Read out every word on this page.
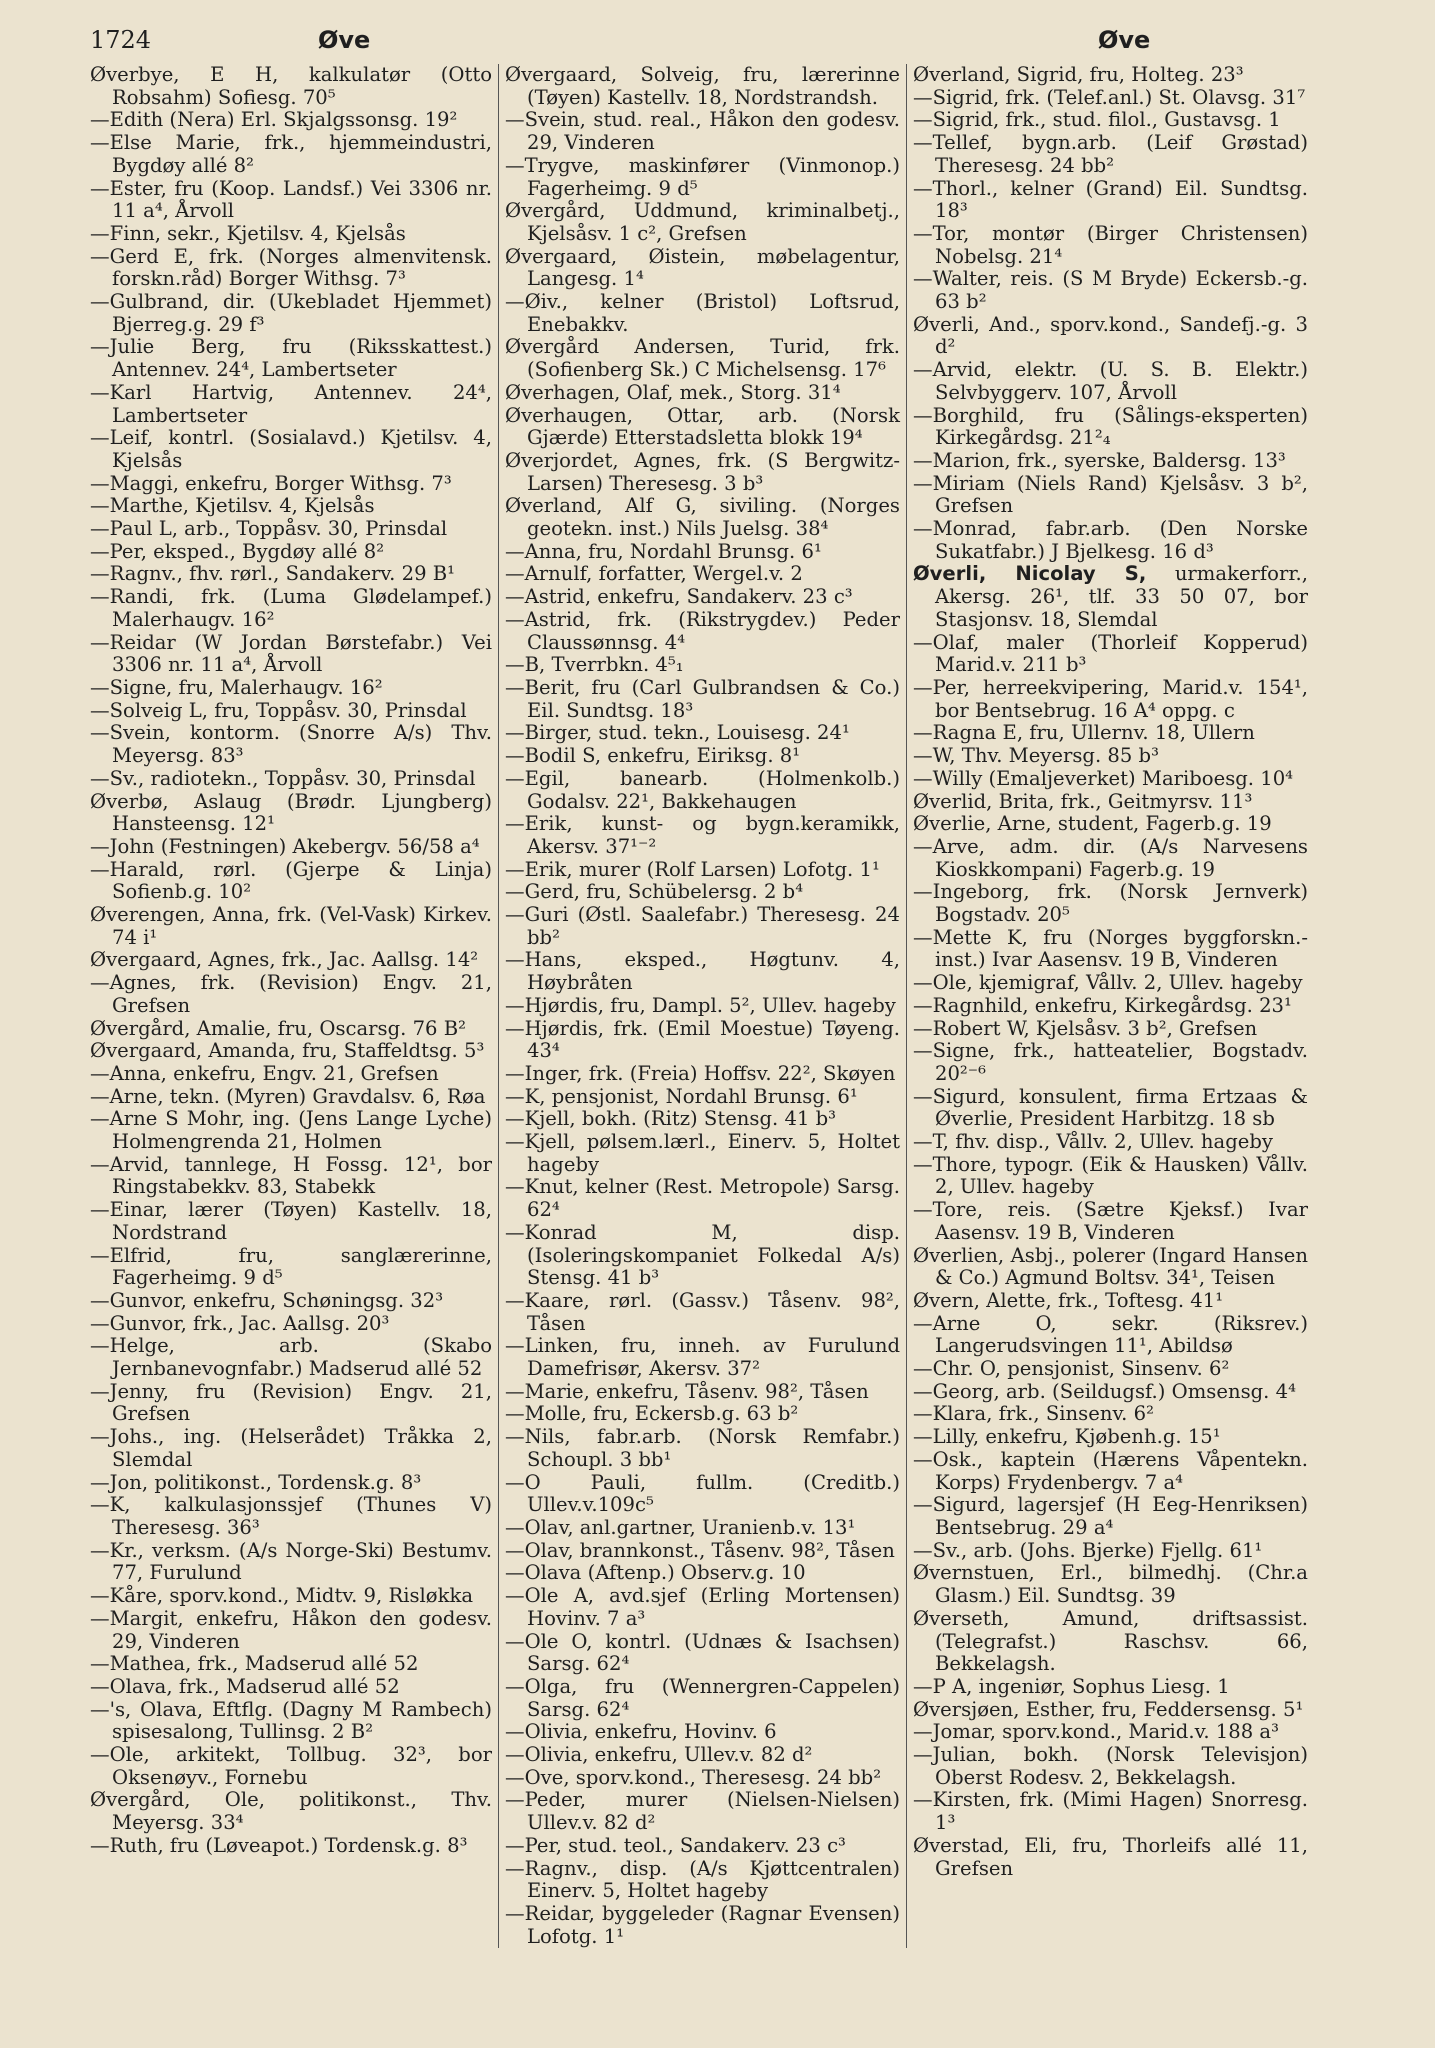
1724	Øve	Øve
Øverbye, E H, kalkulatør (Otto Robsahm) Sofiesg. 70⁵
—Edith (Nera) Erl. Skjalgssonsg. 19²
—Else Marie, frk., hjemmeindustri, Bygdøy allé 8²
—Ester, fru (Koop. Landsf.) Vei 3306 nr. 11 a⁴, Årvoll
—Finn, sekr., Kjetilsv. 4, Kjelsås
—Gerd E, frk. (Norges almenvitensk. forskn.råd) Borger Withsg. 7³
—Gulbrand, dir. (Ukebladet Hjemmet) Bjerreg.g. 29 f³
—Julie Berg, fru (Riksskattest.) Antennev. 24⁴, Lambertseter
—Karl Hartvig, Antennev. 24⁴, Lambertseter
—Leif, kontrl. (Sosialavd.) Kjetilsv. 4, Kjelsås
—Maggi, enkefru, Borger Withsg. 7³
—Marthe, Kjetilsv. 4, Kjelsås
—Paul L, arb., Toppåsv. 30, Prinsdal
—Per, eksped., Bygdøy allé 8²
—Ragnv., fhv. rørl., Sandakerv. 29 B¹
—Randi, frk. (Luma Glødelampef.) Malerhaugv. 16²
—Reidar (W Jordan Børstefabr.) Vei 3306 nr. 11 a⁴, Årvoll
—Signe, fru, Malerhaugv. 16²
—Solveig L, fru, Toppåsv. 30, Prinsdal
—Svein, kontorm. (Snorre A/s) Thv. Meyersg. 83³
—Sv., radiotekn., Toppåsv. 30, Prinsdal
Øverbø, Aslaug (Brødr. Ljungberg) Hansteensg. 12¹
—John (Festningen) Akebergv. 56/58 a⁴
—Harald, rørl. (Gjerpe & Linja) Sofienb.g. 10²
Øverengen, Anna, frk. (Vel-Vask) Kirkev. 74 i¹
Øvergaard, Agnes, frk., Jac. Aallsg. 14²
—Agnes, frk. (Revision) Engv. 21, Grefsen
Øvergård, Amalie, fru, Oscarsg. 76 B²
Øvergaard, Amanda, fru, Staffeldtsg. 5³
—Anna, enkefru, Engv. 21, Grefsen
—Arne, tekn. (Myren) Gravdalsv. 6, Røa
—Arne S Mohr, ing. (Jens Lange Lyche) Holmengrenda 21, Holmen
—Arvid, tannlege, H Fossg. 12¹, bor Ringstabekkv. 83, Stabekk
—Einar, lærer (Tøyen) Kastellv. 18, Nordstrand
—Elfrid, fru, sanglærerinne, Fagerheimg. 9 d⁵
—Gunvor, enkefru, Schøningsg. 32³
—Gunvor, frk., Jac. Aallsg. 20³
—Helge, arb. (Skabo Jernbanevognfabr.) Madserud allé 52
—Jenny, fru (Revision) Engv. 21, Grefsen
—Johs., ing. (Helserådet) Tråkka 2, Slemdal
—Jon, politikonst., Tordensk.g. 8³
—K, kalkulasjonssjef (Thunes V) Theresesg. 36³
—Kr., verksm. (A/s Norge-Ski) Bestumv. 77, Furulund
—Kåre, sporv.kond., Midtv. 9, Risløkka
—Margit, enkefru, Håkon den godesv. 29, Vinderen
—Mathea, frk., Madserud allé 52
—Olava, frk., Madserud allé 52
—'s, Olava, Eftflg. (Dagny M Rambech) spisesalong, Tullinsg. 2 B²
—Ole, arkitekt, Tollbug. 32³, bor Oksenøyv., Fornebu
Øvergård, Ole, politikonst., Thv. Meyersg. 33⁴
—Ruth, fru (Løveapot.) Tordensk.g. 8³
Øvergaard, Solveig, fru, lærerinne (Tøyen) Kastellv. 18, Nordstrandsh.
—Svein, stud. real., Håkon den godesv. 29, Vinderen
—Trygve, maskinfører (Vinmonop.) Fagerheimg. 9 d⁵
Øvergård, Uddmund, kriminalbetj., Kjelsåsv. 1 c², Grefsen
Øvergaard, Øistein, møbelagentur, Langesg. 1⁴
—Øiv., kelner (Bristol) Loftsrud, Enebakkv.
Øvergård Andersen, Turid, frk. (Sofienberg Sk.) C Michelsensg. 17⁶
Øverhagen, Olaf, mek., Storg. 31⁴
Øverhaugen, Ottar, arb. (Norsk Gjærde) Etterstadsletta blokk 19⁴
Øverjordet, Agnes, frk. (S Bergwitz-Larsen) Theresesg. 3 b³
Øverland, Alf G, siviling. (Norges geotekn. inst.) Nils Juelsg. 38⁴
—Anna, fru, Nordahl Brunsg. 6¹
—Arnulf, forfatter, Wergel.v. 2
—Astrid, enkefru, Sandakerv. 23 c³
—Astrid, frk. (Rikstrygdev.) Peder Claussønnsg. 4⁴
—B, Tverrbkn. 4⁵₁
—Berit, fru (Carl Gulbrandsen & Co.) Eil. Sundtsg. 18³
—Birger, stud. tekn., Louisesg. 24¹
—Bodil S, enkefru, Eiriksg. 8¹
—Egil, banearb. (Holmenkolb.) Godalsv. 22¹, Bakkehaugen
—Erik, kunst- og bygn.keramikk, Akersv. 37¹⁻²
—Erik, murer (Rolf Larsen) Lofotg. 1¹
—Gerd, fru, Schübelersg. 2 b⁴
—Guri (Østl. Saalefabr.) Theresesg. 24 bb²
—Hans, eksped., Høgtunv. 4, Høybråten
—Hjørdis, fru, Dampl. 5², Ullev. hageby
—Hjørdis, frk. (Emil Moestue) Tøyeng. 43⁴
—Inger, frk. (Freia) Hoffsv. 22², Skøyen
—K, pensjonist, Nordahl Brunsg. 6¹
—Kjell, bokh. (Ritz) Stensg. 41 b³
—Kjell, pølsem.lærl., Einerv. 5, Holtet hageby
—Knut, kelner (Rest. Metropole) Sarsg. 62⁴
—Konrad M, disp. (Isoleringskompaniet Folkedal A/s) Stensg. 41 b³
—Kaare, rørl. (Gassv.) Tåsenv. 98², Tåsen
—Linken, fru, inneh. av Furulund Damefrisør, Akersv. 37²
—Marie, enkefru, Tåsenv. 98², Tåsen
—Molle, fru, Eckersb.g. 63 b²
—Nils, fabr.arb. (Norsk Remfabr.) Schoupl. 3 bb¹
—O Pauli, fullm. (Creditb.) Ullev.v.109c⁵
—Olav, anl.gartner, Uranienb.v. 13¹
—Olav, brannkonst., Tåsenv. 98², Tåsen
—Olava (Aftenp.) Observ.g. 10
—Ole A, avd.sjef (Erling Mortensen) Hovinv. 7 a³
—Ole O, kontrl. (Udnæs & Isachsen) Sarsg. 62⁴
—Olga, fru (Wennergren-Cappelen) Sarsg. 62⁴
—Olivia, enkefru, Hovinv. 6
—Olivia, enkefru, Ullev.v. 82 d²
—Ove, sporv.kond., Theresesg. 24 bb²
—Peder, murer (Nielsen-Nielsen) Ullev.v. 82 d²
—Per, stud. teol., Sandakerv. 23 c³
—Ragnv., disp. (A/s Kjøttcentralen) Einerv. 5, Holtet hageby
—Reidar, byggeleder (Ragnar Evensen) Lofotg. 1¹
Øverland, Sigrid, fru, Holteg. 23³
—Sigrid, frk. (Telef.anl.) St. Olavsg. 31⁷
—Sigrid, frk., stud. filol., Gustavsg. 1
—Tellef, bygn.arb. (Leif Grøstad) Theresesg. 24 bb²
—Thorl., kelner (Grand) Eil. Sundtsg. 18³
—Tor, montør (Birger Christensen) Nobelsg. 21⁴
—Walter, reis. (S M Bryde) Eckersb.-g. 63 b²
Øverli, And., sporv.kond., Sandefj.-g. 3 d²
—Arvid, elektr. (U. S. B. Elektr.) Selvbyggerv. 107, Årvoll
—Borghild, fru (Sålings-eksperten) Kirkegårdsg. 21²₄
—Marion, frk., syerske, Baldersg. 13³
—Miriam (Niels Rand) Kjelsåsv. 3 b², Grefsen
—Monrad, fabr.arb. (Den Norske Sukatfabr.) J Bjelkesg. 16 d³
Øverli, Nicolay S, urmakerforr., Akersg. 26¹, tlf. 33 50 07, bor Stasjonsv. 18, Slemdal
—Olaf, maler (Thorleif Kopperud) Marid.v. 211 b³
—Per, herreekvipering, Marid.v. 154¹, bor Bentsebrug. 16 A⁴ oppg. c
—Ragna E, fru, Ullernv. 18, Ullern
—W, Thv. Meyersg. 85 b³
—Willy (Emaljeverket) Mariboesg. 10⁴
Øverlid, Brita, frk., Geitmyrsv. 11³
Øverlie, Arne, student, Fagerb.g. 19
—Arve, adm. dir. (A/s Narvesens Kioskkompani) Fagerb.g. 19
—Ingeborg, frk. (Norsk Jernverk) Bogstadv. 20⁵
—Mette K, fru (Norges byggforskn.-inst.) Ivar Aasensv. 19 B, Vinderen
—Ole, kjemigraf, Vållv. 2, Ullev. hageby
—Ragnhild, enkefru, Kirkegårdsg. 23¹
—Robert W, Kjelsåsv. 3 b², Grefsen
—Signe, frk., hatteatelier, Bogstadv. 20²⁻⁶
—Sigurd, konsulent, firma Ertzaas & Øverlie, President Harbitzg. 18 sb
—T, fhv. disp., Vållv. 2, Ullev. hageby
—Thore, typogr. (Eik & Hausken) Vållv. 2, Ullev. hageby
—Tore, reis. (Sætre Kjeksf.) Ivar Aasensv. 19 B, Vinderen
Øverlien, Asbj., polerer (Ingard Hansen & Co.) Agmund Boltsv. 34¹, Teisen
Øvern, Alette, frk., Toftesg. 41¹
—Arne O, sekr. (Riksrev.) Langerudsvingen 11¹, Abildsø
—Chr. O, pensjonist, Sinsenv. 6²
—Georg, arb. (Seildugsf.) Omsensg. 4⁴
—Klara, frk., Sinsenv. 6²
—Lilly, enkefru, Kjøbenh.g. 15¹
—Osk., kaptein (Hærens Våpentekn. Korps) Frydenbergv. 7 a⁴
—Sigurd, lagersjef (H Eeg-Henriksen) Bentsebrug. 29 a⁴
—Sv., arb. (Johs. Bjerke) Fjellg. 61¹
Øvernstuen, Erl., bilmedhj. (Chr.a Glasm.) Eil. Sundtsg. 39
Øverseth, Amund, driftsassist. (Telegrafst.) Raschsv. 66, Bekkelagsh.
—P A, ingeniør, Sophus Liesg. 1
Øversjøen, Esther, fru, Feddersensg. 5¹
—Jomar, sporv.kond., Marid.v. 188 a³
—Julian, bokh. (Norsk Televisjon) Oberst Rodesv. 2, Bekkelagsh.
—Kirsten, frk. (Mimi Hagen) Snorresg. 1³
Øverstad, Eli, fru, Thorleifs allé 11, Grefsen
